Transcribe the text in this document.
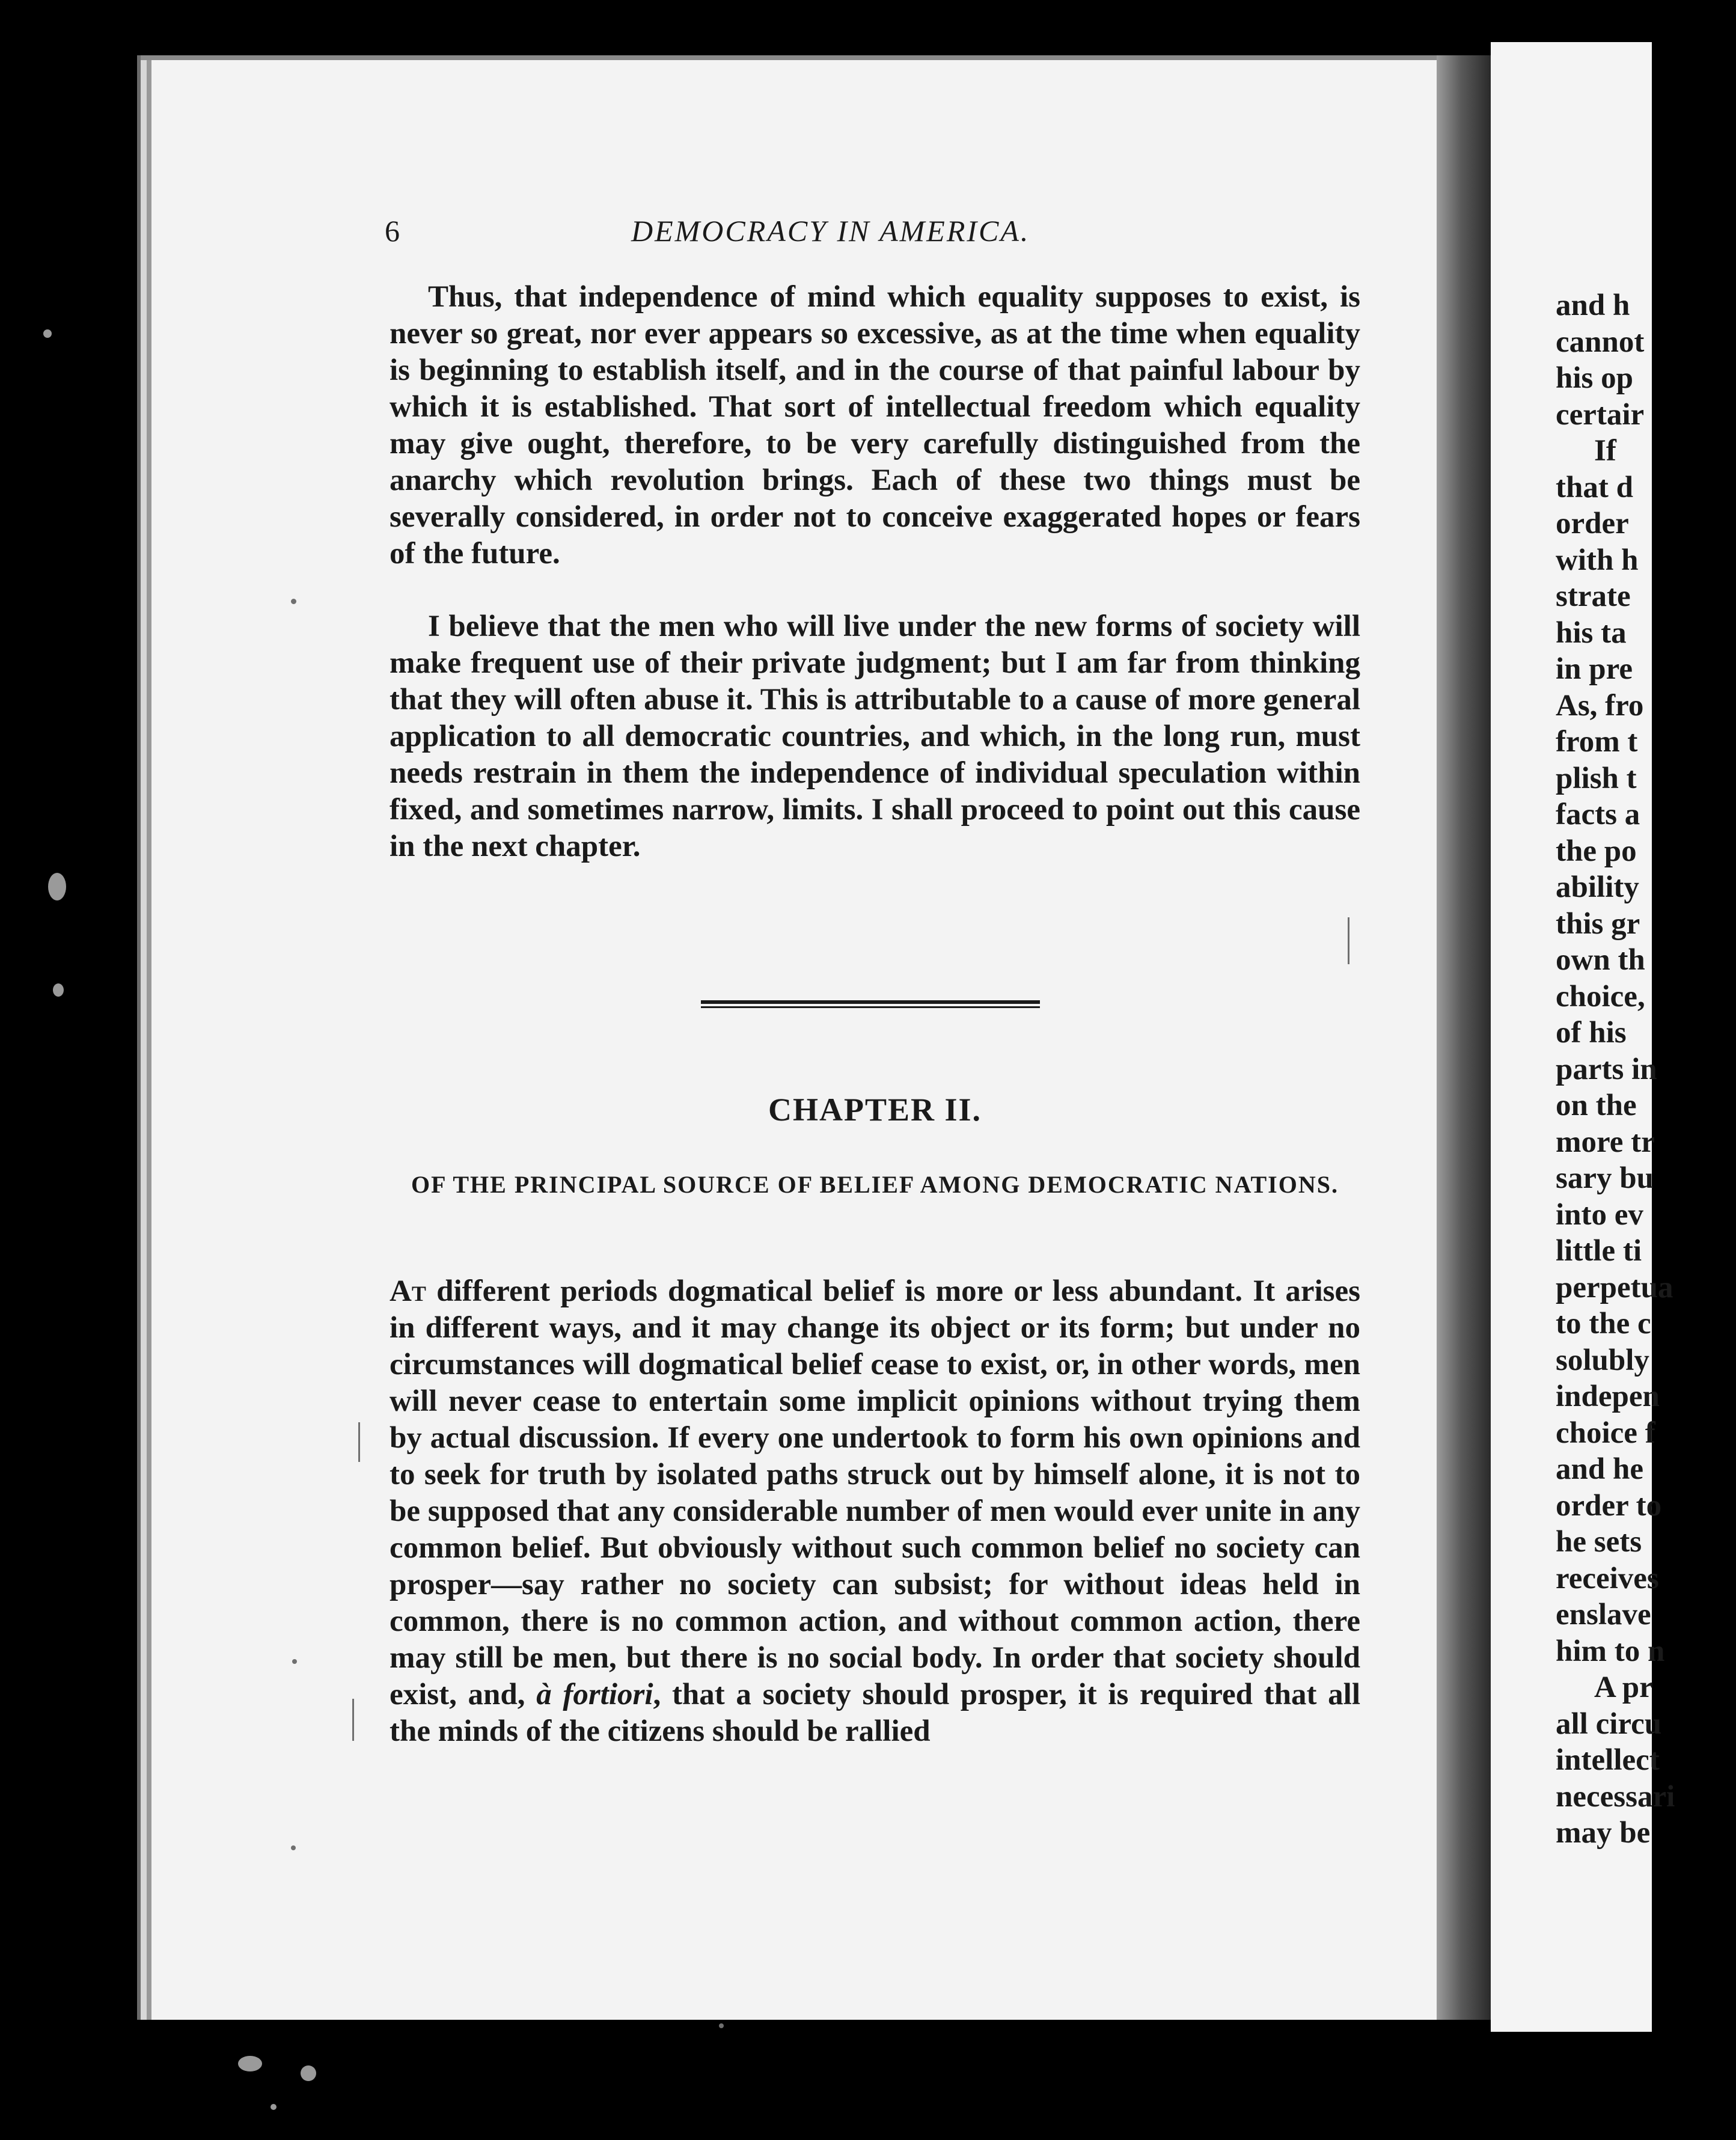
6	DEMOCRACY IN AMERICA.

Thus, that independence of mind which equality supposes to exist, is never so great, nor ever appears so excessive, as at the time when equality is beginning to establish itself, and in the course of that painful labour by which it is established. That sort of intellectual freedom which equality may give ought, therefore, to be very carefully distinguished from the anarchy which revolution brings. Each of these two things must be severally considered, in order not to conceive exaggerated hopes or fears of the future.

I believe that the men who will live under the new forms of society will make frequent use of their private judgment; but I am far from thinking that they will often abuse it. This is attributable to a cause of more general application to all democratic countries, and which, in the long run, must needs restrain in them the independence of individual speculation within fixed, and sometimes narrow, limits. I shall proceed to point out this cause in the next chapter.

CHAPTER II.
OF THE PRINCIPAL SOURCE OF BELIEF AMONG DEMOCRATIC NATIONS.

At different periods dogmatical belief is more or less abundant. It arises in different ways, and it may change its object or its form; but under no circumstances will dogmatical belief cease to exist, or, in other words, men will never cease to entertain some implicit opinions without trying them by actual discussion. If every one undertook to form his own opinions and to seek for truth by isolated paths struck out by himself alone, it is not to be supposed that any considerable number of men would ever unite in any common belief. But obviously without such common belief no society can prosper—say rather no society can subsist; for without ideas held in common, there is no common action, and without common action, there may still be men, but there is no social body. In order that society should exist, and, à fortiori, that a society should prosper, it is required that all the minds of the citizens should be rallied

and h
cannot
his op
certair
If
that d
order
with h
strate
his ta
in pre
As, fro
from t
plish t
facts a
the po
ability
this gr
own th
choice,
of his
parts in
on the
more tr
sary bu
into ev
little ti
perpetua
to the c
solubly
indepen
choice f
and he
order to
he sets
receives
enslave
him to n
A pr
all circu
intellect
necessari
may be
